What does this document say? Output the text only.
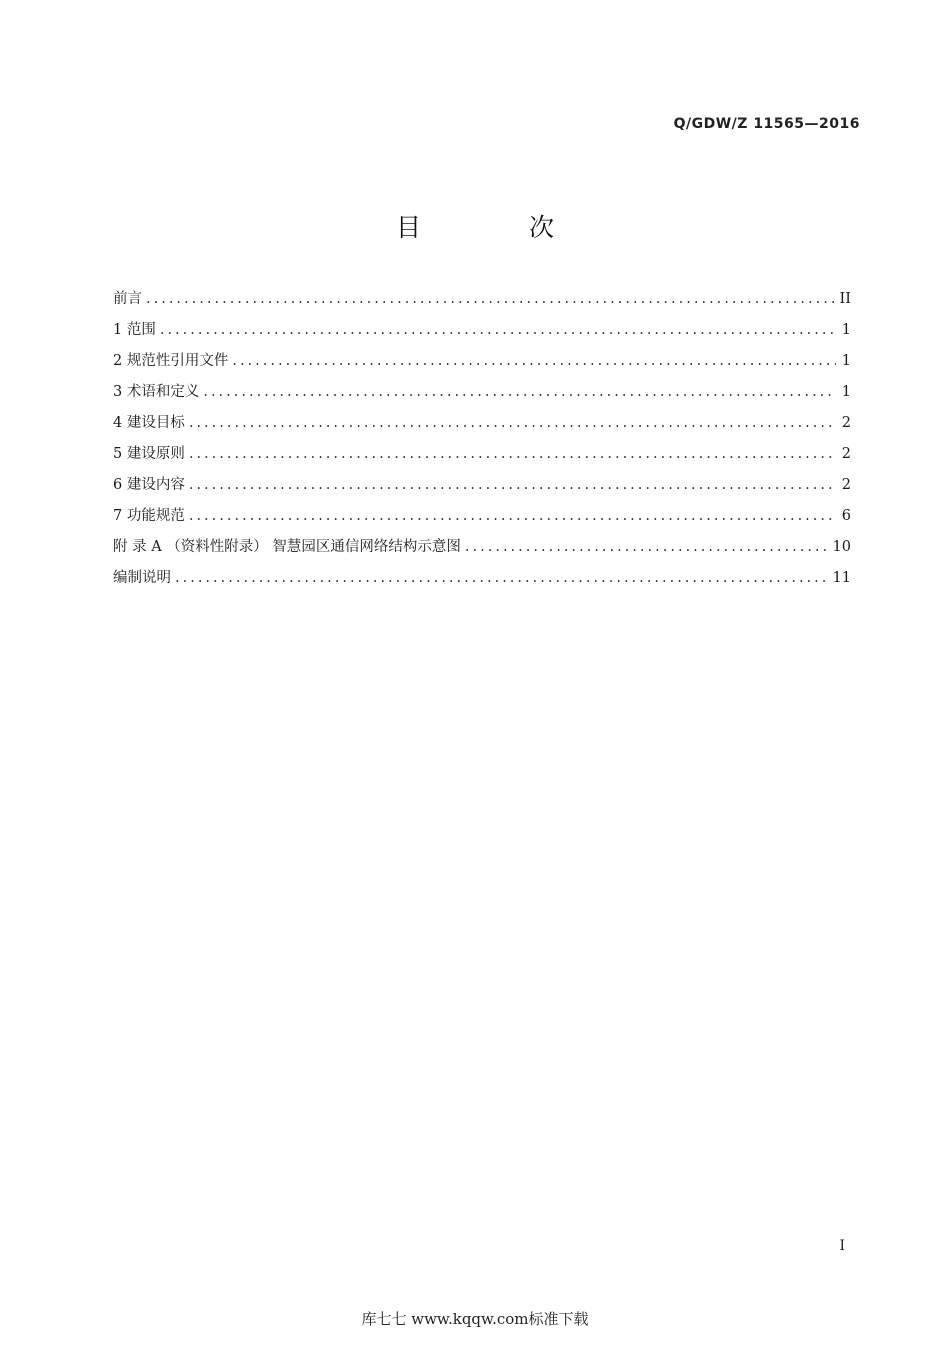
Q/GDW/Z 11565—2016
目 次
前言 .....	II
1 范围 .....	1
2 规范性引用文件 .....	1
3 术语和定义 .....	1
4 建设目标 .....	2
5 建设原则 .....	2
6 建设内容 .....	2
7 功能规范 .....	6
附 录 A （资料性附录） 智慧园区通信网络结构示意图 .....	10
编制说明 .....	11
I
库七七 www.kqqw.com标准下载
